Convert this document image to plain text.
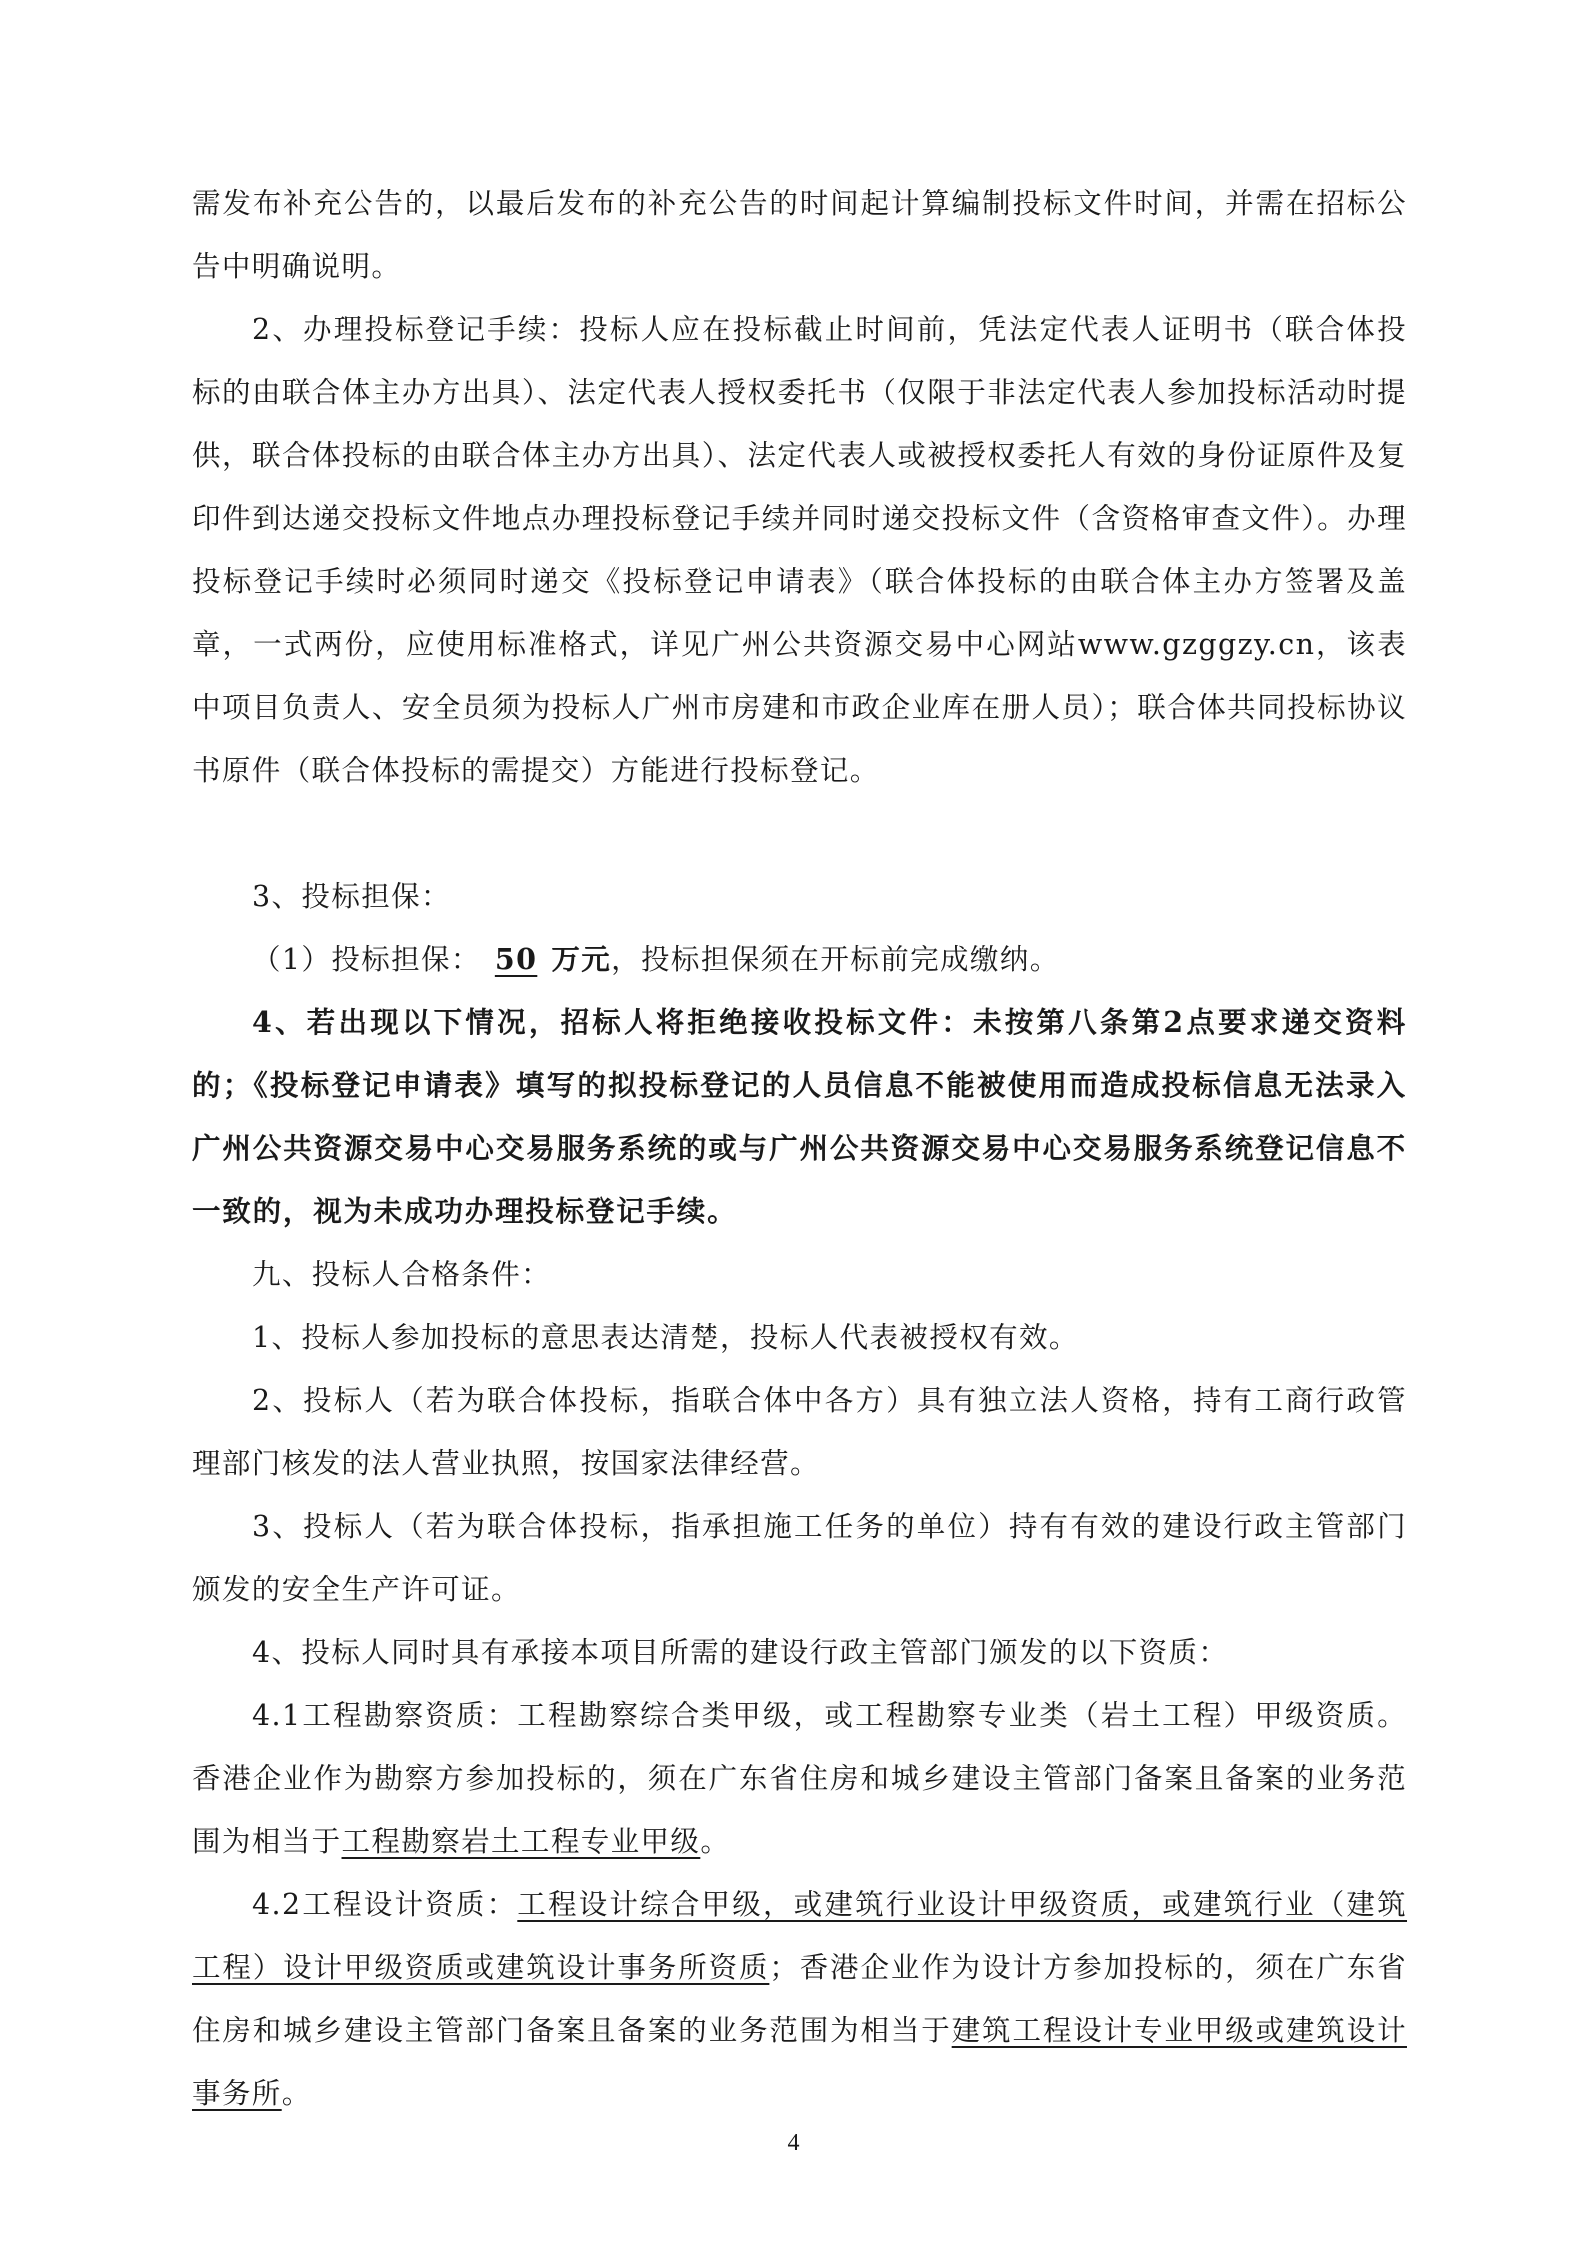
需发布补充公告的，以最后发布的补充公告的时间起计算编制投标文件时间，并需在招标公告中明确说明。

2、办理投标登记手续：投标人应在投标截止时间前，凭法定代表人证明书（联合体投标的由联合体主办方出具）、法定代表人授权委托书（仅限于非法定代表人参加投标活动时提供，联合体投标的由联合体主办方出具）、法定代表人或被授权委托人有效的身份证原件及复印件到达递交投标文件地点办理投标登记手续并同时递交投标文件（含资格审查文件）。办理投标登记手续时必须同时递交《投标登记申请表》（联合体投标的由联合体主办方签署及盖章，一式两份，应使用标准格式，详见广州公共资源交易中心网站www.gzggzy.cn，该表中项目负责人、安全员须为投标人广州市房建和市政企业库在册人员）；联合体共同投标协议书原件（联合体投标的需提交）方能进行投标登记。

3、投标担保：

（1）投标担保： 50 万元，投标担保须在开标前完成缴纳。

4、若出现以下情况，招标人将拒绝接收投标文件：未按第八条第2点要求递交资料的；《投标登记申请表》填写的拟投标登记的人员信息不能被使用而造成投标信息无法录入广州公共资源交易中心交易服务系统的或与广州公共资源交易中心交易服务系统登记信息不一致的，视为未成功办理投标登记手续。

九、投标人合格条件：

1、投标人参加投标的意思表达清楚，投标人代表被授权有效。

2、投标人（若为联合体投标，指联合体中各方）具有独立法人资格，持有工商行政管理部门核发的法人营业执照，按国家法律经营。

3、投标人（若为联合体投标，指承担施工任务的单位）持有有效的建设行政主管部门颁发的安全生产许可证。

4、投标人同时具有承接本项目所需的建设行政主管部门颁发的以下资质：

4.1工程勘察资质：工程勘察综合类甲级，或工程勘察专业类（岩土工程）甲级资质。香港企业作为勘察方参加投标的，须在广东省住房和城乡建设主管部门备案且备案的业务范围为相当于工程勘察岩土工程专业甲级。

4.2工程设计资质：工程设计综合甲级，或建筑行业设计甲级资质，或建筑行业（建筑工程）设计甲级资质或建筑设计事务所资质；香港企业作为设计方参加投标的，须在广东省住房和城乡建设主管部门备案且备案的业务范围为相当于建筑工程设计专业甲级或建筑设计事务所。

4
